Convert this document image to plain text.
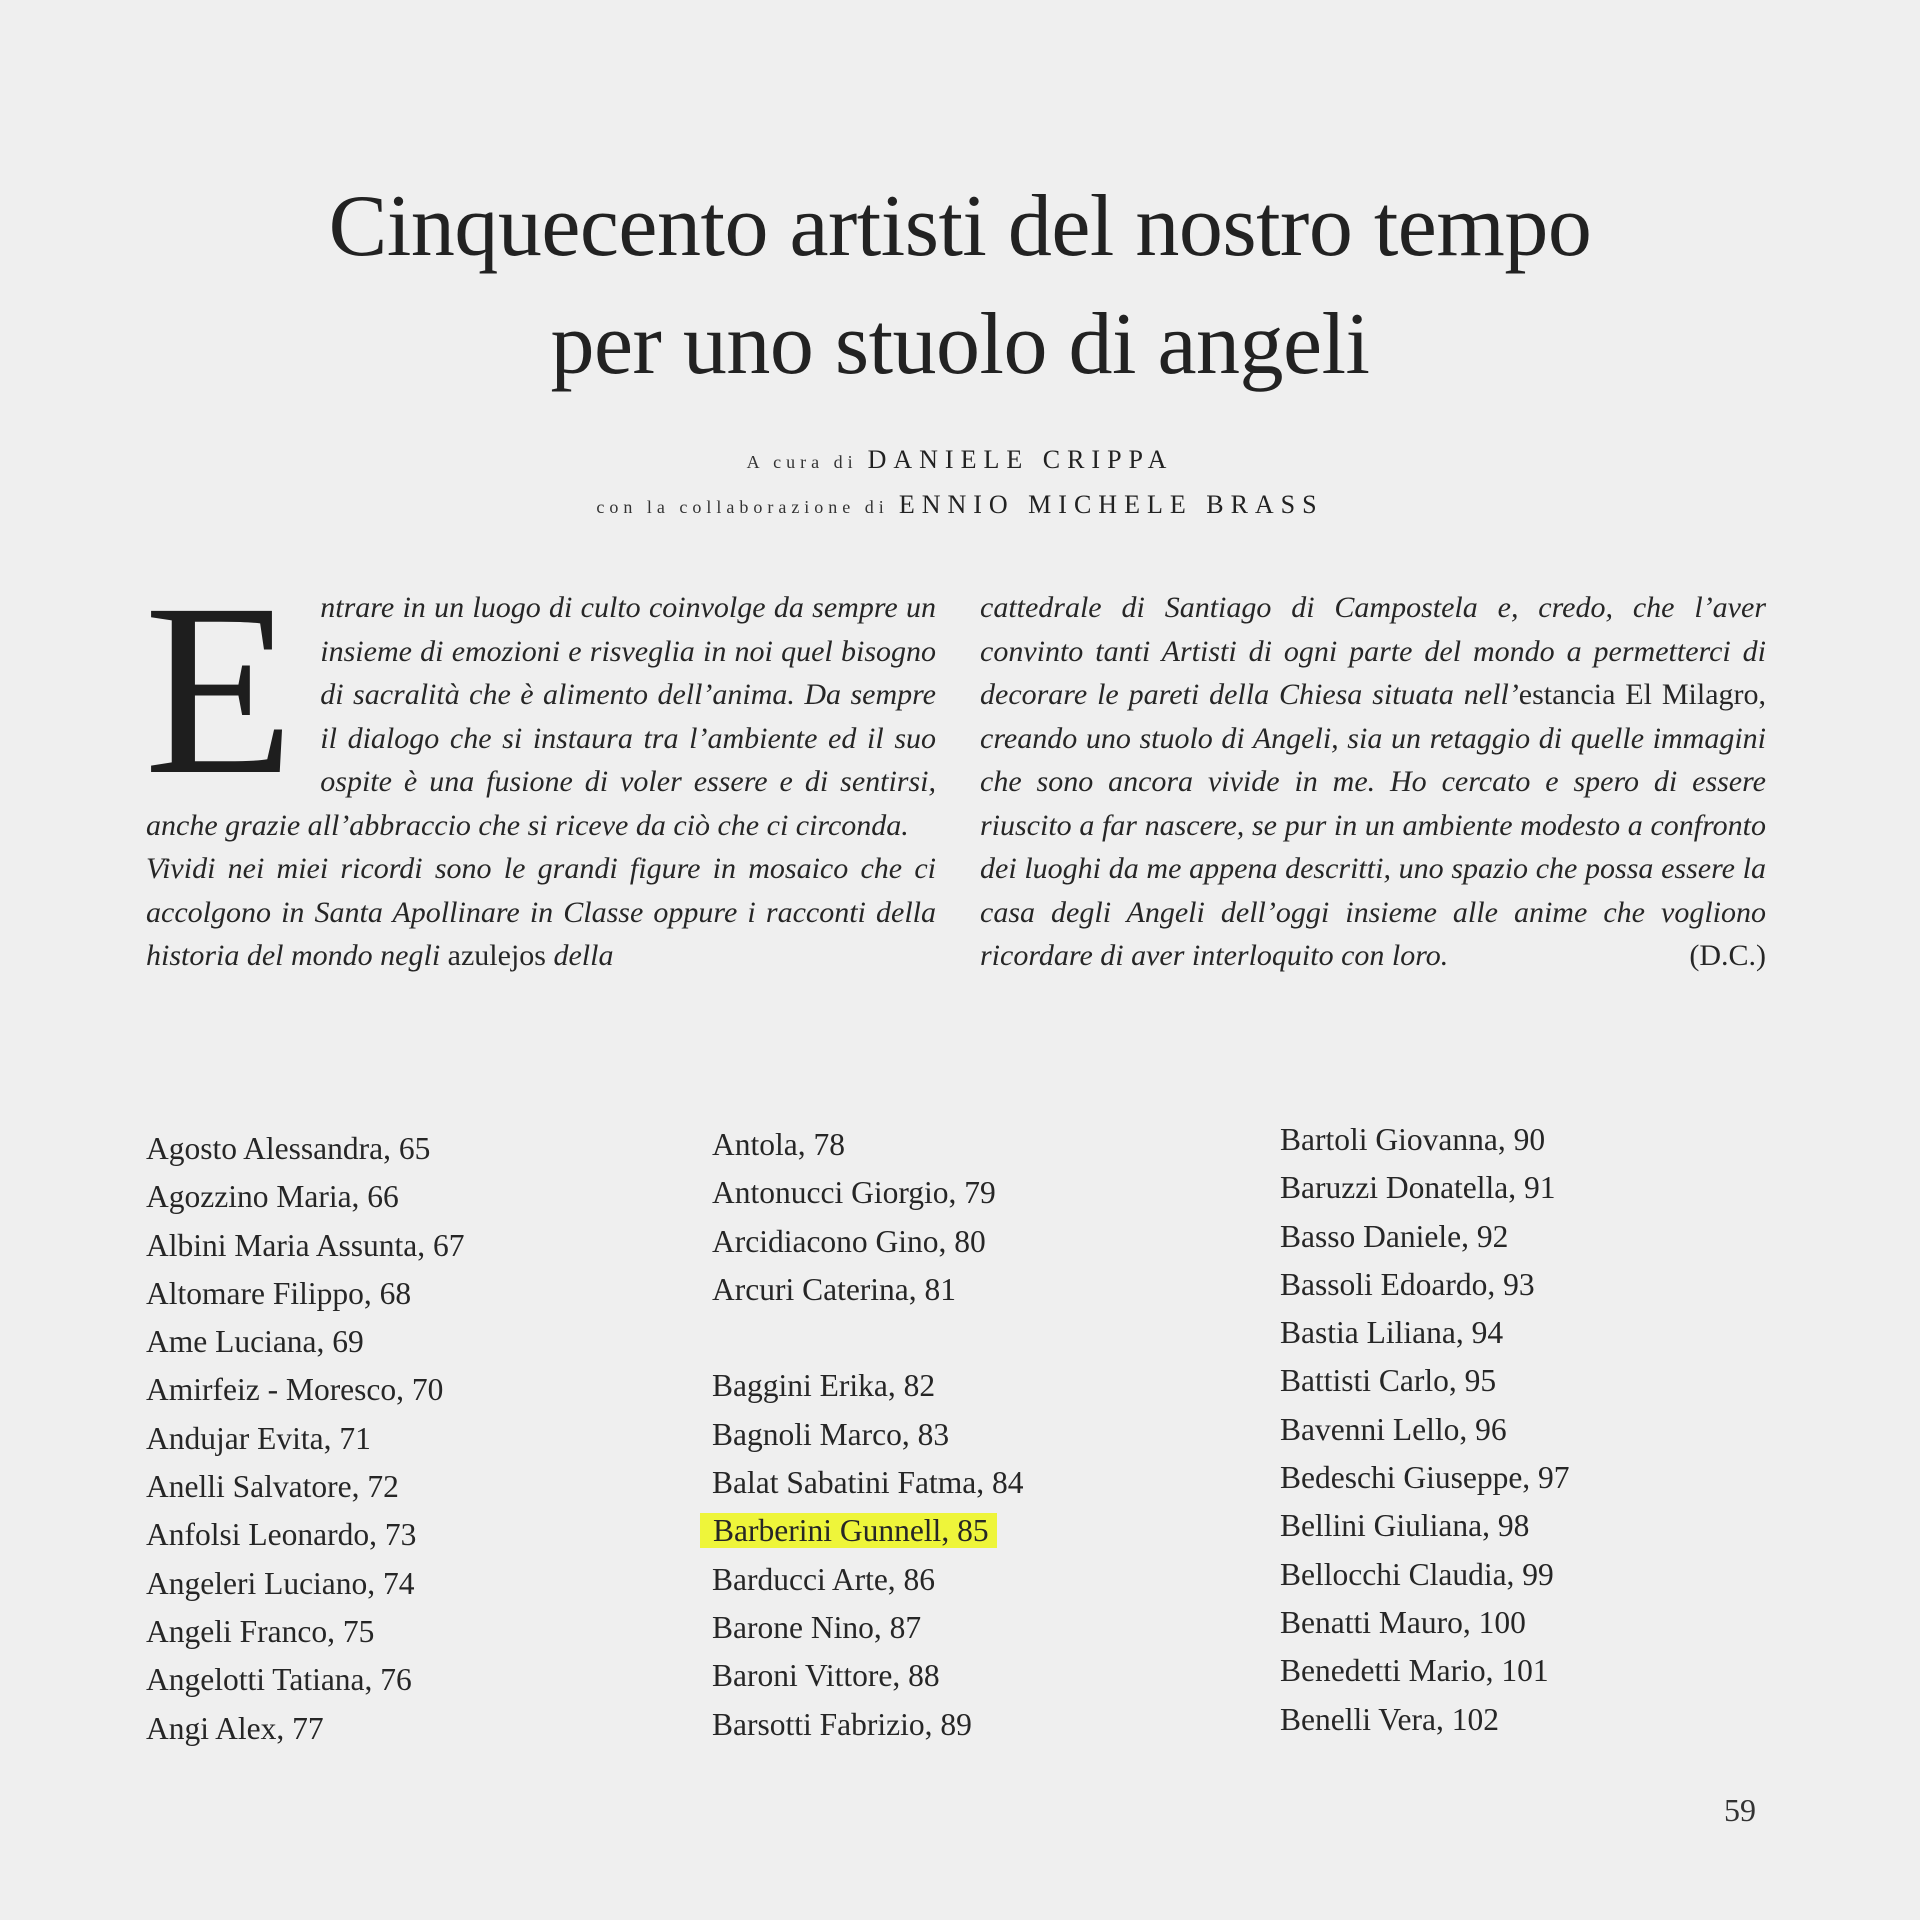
Cinquecento artisti del nostro tempo
per uno stuolo di angeli
A cura di DANIELE CRIPPA
con la collaborazione di ENNIO MICHELE BRASS
E ntrare in un luogo di culto coinvolge da sempre un insieme di emozioni e risveglia in noi quel bisogno di sacralità che è alimento dell’anima. Da sempre il dialogo che si instaura tra l’ambiente ed il suo ospite è una fusione di voler essere e di sentirsi, anche grazie all’abbraccio che si riceve da ciò che ci circonda.

Vividi nei miei ricordi sono le grandi figure in mosaico che ci accolgono in Santa Apollinare in Classe oppure i racconti della historia del mondo negli azulejos della

cattedrale di Santiago di Campostela e, credo, che l’aver convinto tanti Artisti di ogni parte del mondo a permetterci di decorare le pareti della Chiesa situata nell’estancia El Milagro, creando uno stuolo di Angeli, sia un retaggio di quelle immagini che sono ancora vivide in me. Ho cercato e spero di essere riuscito a far nascere, se pur in un ambiente modesto a confronto dei luoghi da me appena descritti, uno spazio che possa essere la casa degli Angeli dell’oggi insieme alle anime che vogliono ricordare di aver interloquito con loro.	(D.C.)

Agosto Alessandra, 65
Agozzino Maria, 66
Albini Maria Assunta, 67
Altomare Filippo, 68
Ame Luciana, 69
Amirfeiz - Moresco, 70
Andujar Evita, 71
Anelli Salvatore, 72
Anfolsi Leonardo, 73
Angeleri Luciano, 74
Angeli Franco, 75
Angelotti Tatiana, 76
Angi Alex, 77
Antola, 78
Antonucci Giorgio, 79
Arcidiacono Gino, 80
Arcuri Caterina, 81
Baggini Erika, 82
Bagnoli Marco, 83
Balat Sabatini Fatma, 84
Barberini Gunnell, 85
Barducci Arte, 86
Barone Nino, 87
Baroni Vittore, 88
Barsotti Fabrizio, 89
Bartoli Giovanna, 90
Baruzzi Donatella, 91
Basso Daniele, 92
Bassoli Edoardo, 93
Bastia Liliana, 94
Battisti Carlo, 95
Bavenni Lello, 96
Bedeschi Giuseppe, 97
Bellini Giuliana, 98
Bellocchi Claudia, 99
Benatti Mauro, 100
Benedetti Mario, 101
Benelli Vera, 102
59
